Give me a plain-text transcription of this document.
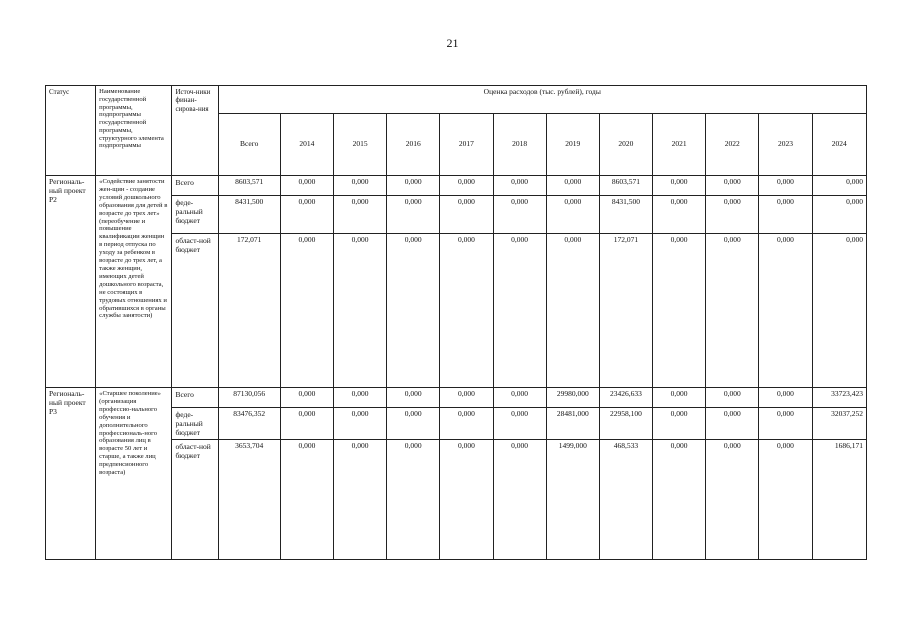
21
Статус	Наименование государственной программы, подпрограммы государственной программы, структурного элемента подпрограммы	Источ-ники финан-сирова-ния	Оценка расходов (тыс. рублей), годы											
			Всего	2014	2015	2016	2017	2018	2019	2020	2021	2022	2023	2024
Региональ-ный проект Р2	«Содействие занятости жен-щин - создание условий дошкольного образования для детей в возрасте до трех лет» (переобучение и повышение квалификации женщин в период отпуска по уходу за ребенком в возрасте до трех лет, а также женщин, имеющих детей дошкольного возраста, не состоящих в трудовых отношениях и обратившихся в органы службы занятости)	Всего	8603,571	0,000	0,000	0,000	0,000	0,000	0,000	8603,571	0,000	0,000	0,000	0,000
		феде-ральный бюджет	8431,500	0,000	0,000	0,000	0,000	0,000	0,000	8431,500	0,000	0,000	0,000	0,000
		област-ной бюджет	172,071	0,000	0,000	0,000	0,000	0,000	0,000	172,071	0,000	0,000	0,000	0,000
Региональ-ный проект Р3	«Старшее поколение» (организация профессио-нального обучения и дополнительного профессиональ-ного образования лиц в возрасте 50 лет и старше, а также лиц предпенсионного возраста)	Всего	87130,056	0,000	0,000	0,000	0,000	0,000	29980,000	23426,633	0,000	0,000	0,000	33723,423
		феде-ральный бюджет	83476,352	0,000	0,000	0,000	0,000	0,000	28481,000	22958,100	0,000	0,000	0,000	32037,252
		област-ной бюджет	3653,704	0,000	0,000	0,000	0,000	0,000	1499,000	468,533	0,000	0,000	0,000	1686,171
